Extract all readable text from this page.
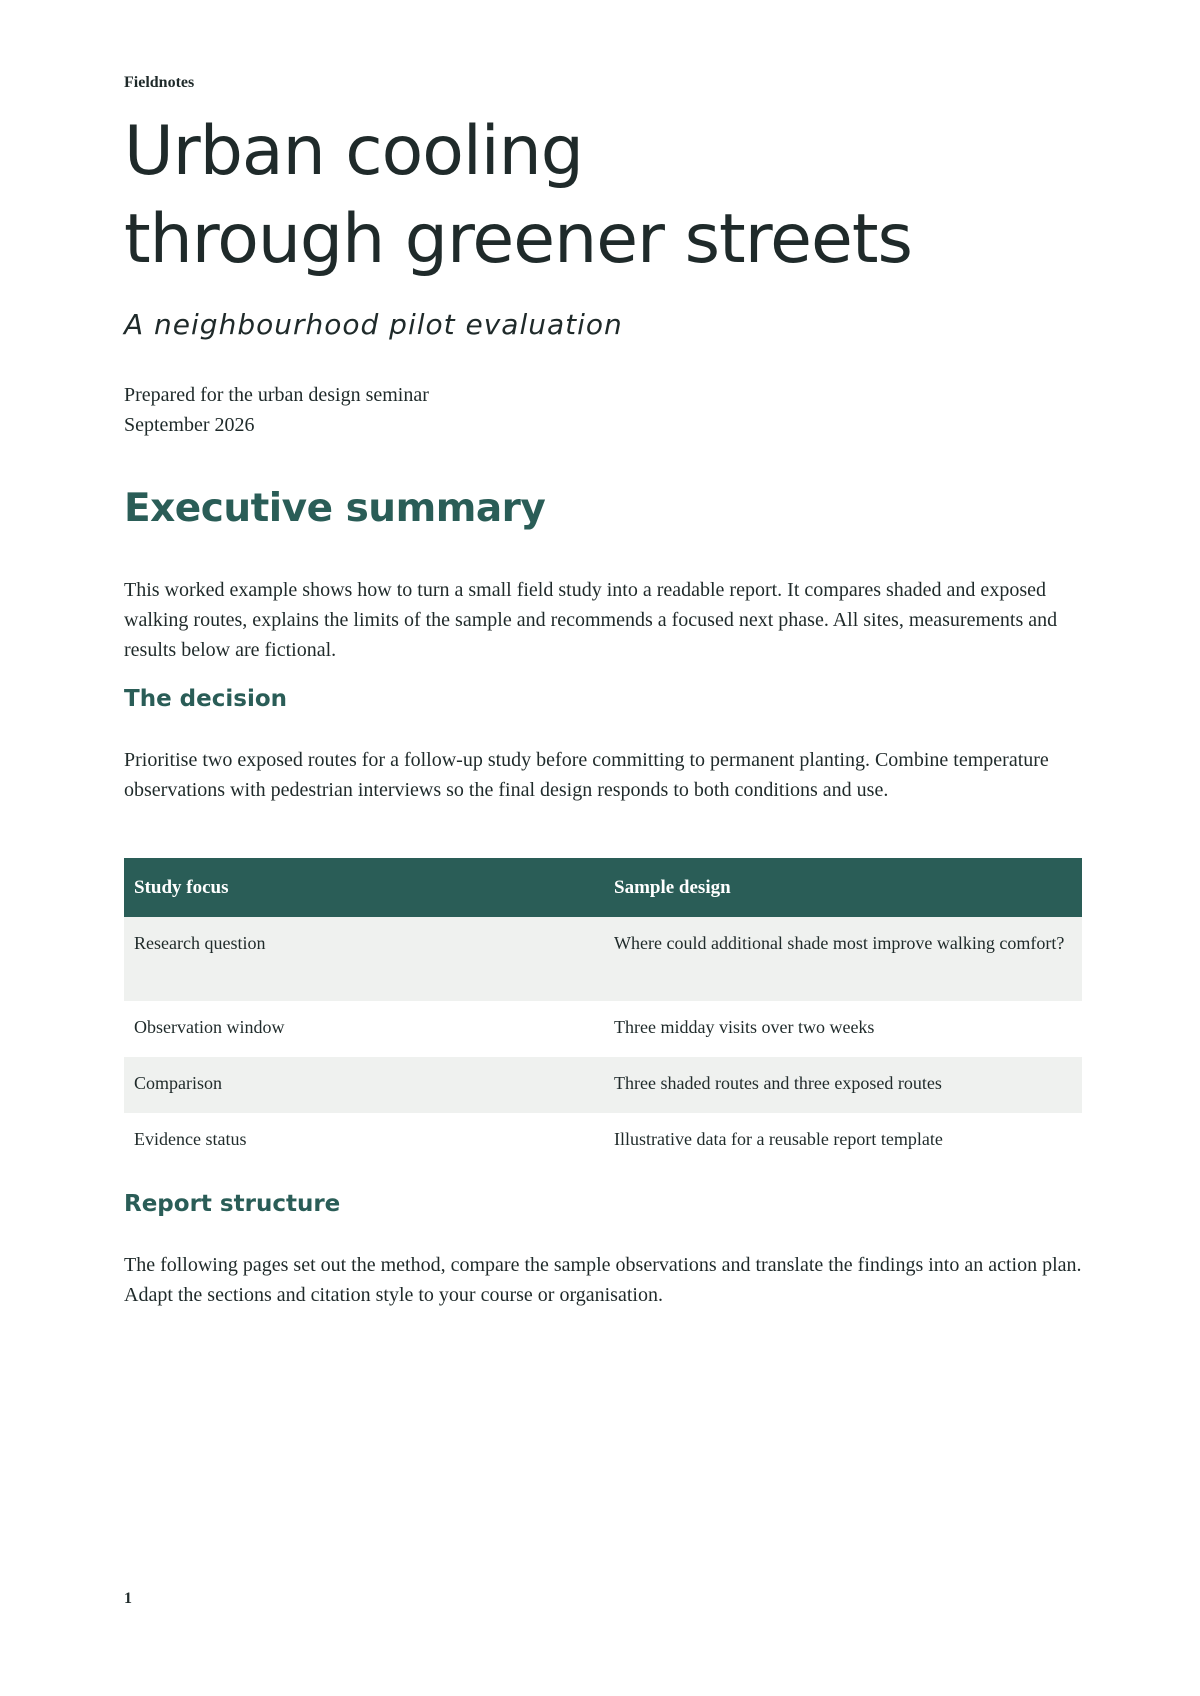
Fieldnotes
Urban cooling
through greener streets

A neighbourhood pilot evaluation

Prepared for the urban design seminar
September 2026
Executive summary

This worked example shows how to turn a small field study into a readable report. It compares shaded and exposed walking routes, explains the limits of the sample and recommends a focused next phase. All sites, measurements and results below are fictional.

The decision

Prioritise two exposed routes for a follow-up study before committing to permanent planting. Combine temperature observations with pedestrian interviews so the final design responds to both conditions and use.

Study focus	Sample design
Research question	Where could additional shade most improve walking comfort?
Observation window	Three midday visits over two weeks
Comparison	Three shaded routes and three exposed routes
Evidence status	Illustrative data for a reusable report template
Report structure

The following pages set out the method, compare the sample observations and translate the findings into an action plan. Adapt the sections and citation style to your course or organisation.

1
